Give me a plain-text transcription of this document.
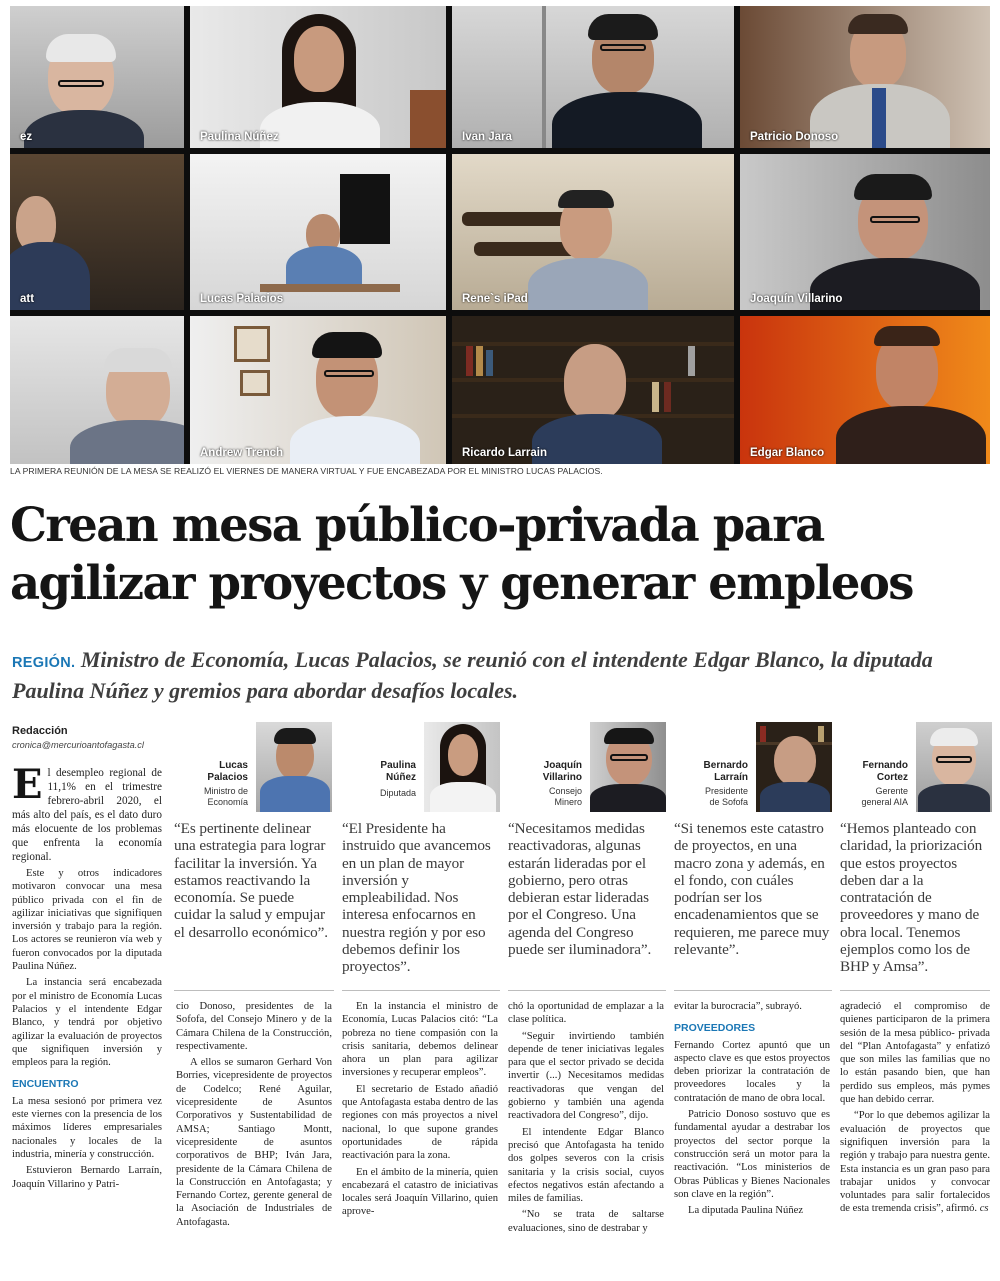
ez	Paulina Núñez	Ivan Jara	Patricio Donoso
att	Lucas Palacios	Rene`s iPad	Joaquín Villarino
Andrew Trench	Ricardo Larrain	Edgar Blanco
LA PRIMERA REUNIÓN DE LA MESA SE REALIZÓ EL VIERNES DE MANERA VIRTUAL Y FUE ENCABEZADA POR EL MINISTRO LUCAS PALACIOS.
Crean mesa público-privada para
agilizar proyectos y generar empleos
REGIÓN. Ministro de Economía, Lucas Palacios, se reunió con el intendente Edgar Blanco, la diputada Paulina Núñez y gremios para abordar desafíos locales.
Redacción
cronica@mercurioantofagasta.cl

El desempleo regional de 11,1% en el trimestre febrero-abril 2020, el más alto del país, es el dato duro más elocuente de los problemas que enfrenta la economía regional.

Este y otros indicadores motivaron convocar una mesa público privada con el fin de agilizar iniciativas que signifiquen inversión y trabajo para la región. Los actores se reunieron vía web y fueron convocados por la diputada Paulina Núñez.

La instancia será encabezada por el ministro de Economía Lucas Palacios y el intendente Edgar Blanco, y tendrá por objetivo agilizar la evaluación de proyectos que signifiquen inversión y empleos para la región.

ENCUENTRO

La mesa sesionó por primera vez este viernes con la presencia de los máximos líderes empresariales nacionales y locales de la industria, minería y construcción.

Estuvieron Bernardo Larraín, Joaquín Villarino y Patri-

Lucas
Palacios
Ministro de
Economía
“Es pertinente delinear una estrategia para lograr facilitar la inversión. Ya estamos reactivando la economía. Se puede cuidar la salud y empujar el desarrollo económico”.
Paulina
Núñez
Diputada
“El Presidente ha instruido que avancemos en un plan de mayor inversión y empleabilidad. Nos interesa enfocarnos en nuestra región y por eso debemos definir los proyectos”.
Joaquín
Villarino
Consejo
Minero
“Necesitamos medidas reactivadoras, algunas estarán lideradas por el gobierno, pero otras debieran estar lideradas por el Congreso. Una agenda del Congreso puede ser iluminadora”.
Bernardo
Larraín
Presidente
de Sofofa
“Si tenemos este catastro de proyectos, en una macro zona y además, en el fondo, con cuáles podrían ser los encadenamientos que se requieren, me parece muy relevante”.
Fernando
Cortez
Gerente
general AIA
“Hemos planteado con claridad, la priorización que estos proyectos deben dar a la contratación de proveedores y mano de obra local. Tenemos ejemplos como los de BHP y Amsa”.

cio Donoso, presidentes de la Sofofa, del Consejo Minero y de la Cámara Chilena de la Construcción, respectivamente.

A ellos se sumaron Gerhard Von Borries, vicepresidente de proyectos de Codelco; René Aguilar, vicepresidente de Asuntos Corporativos y Sustentabilidad de AMSA; Santiago Montt, vicepresidente de asuntos corporativos de BHP; Iván Jara, presidente de la Cámara Chilena de la Construcción en Antofagasta; y Fernando Cortez, gerente general de la Asociación de Industriales de Antofagasta.

En la instancia el ministro de Economía, Lucas Palacios citó: “La pobreza no tiene compasión con la crisis sanitaria, debemos delinear ahora un plan para agilizar inversiones y recuperar empleos”.

El secretario de Estado añadió que Antofagasta estaba dentro de las regiones con más proyectos a nivel nacional, lo que supone grandes oportunidades de rápida reactivación para la zona.

En el ámbito de la minería, quien encabezará el catastro de iniciativas locales será Joaquín Villarino, quien aprove-

chó la oportunidad de emplazar a la clase política.

“Seguir invirtiendo también depende de tener iniciativas legales para que el sector privado se decida invertir (...) Necesitamos medidas reactivadoras que vengan del gobierno y también una agenda reactivadora del Congreso”, dijo.

El intendente Edgar Blanco precisó que Antofagasta ha tenido dos golpes severos con la crisis sanitaria y la crisis social, cuyos efectos negativos están afectando a miles de familias.

“No se trata de saltarse evaluaciones, sino de destrabar y

evitar la burocracia”, subrayó.

PROVEEDORES

Fernando Cortez apuntó que un aspecto clave es que estos proyectos deben priorizar la contratación de proveedores locales y la contratación de mano de obra local.

Patricio Donoso sostuvo que es fundamental ayudar a destrabar los proyectos del sector porque la construcción será un motor para la reactivación. “Los ministerios de Obras Públicas y Bienes Nacionales son clave en la región”.

La diputada Paulina Núñez

agradeció el compromiso de quienes participaron de la primera sesión de la mesa público- privada del “Plan Antofagasta” y enfatizó que son miles las familias que no lo están pasando bien, que han perdido sus empleos, más pymes que han debido cerrar.

“Por lo que debemos agilizar la evaluación de proyectos que signifiquen inversión para la región y trabajo para nuestra gente. Esta instancia es un gran paso para trabajar unidos y convocar voluntades para salir fortalecidos de esta tremenda crisis”, afirmó. cs
